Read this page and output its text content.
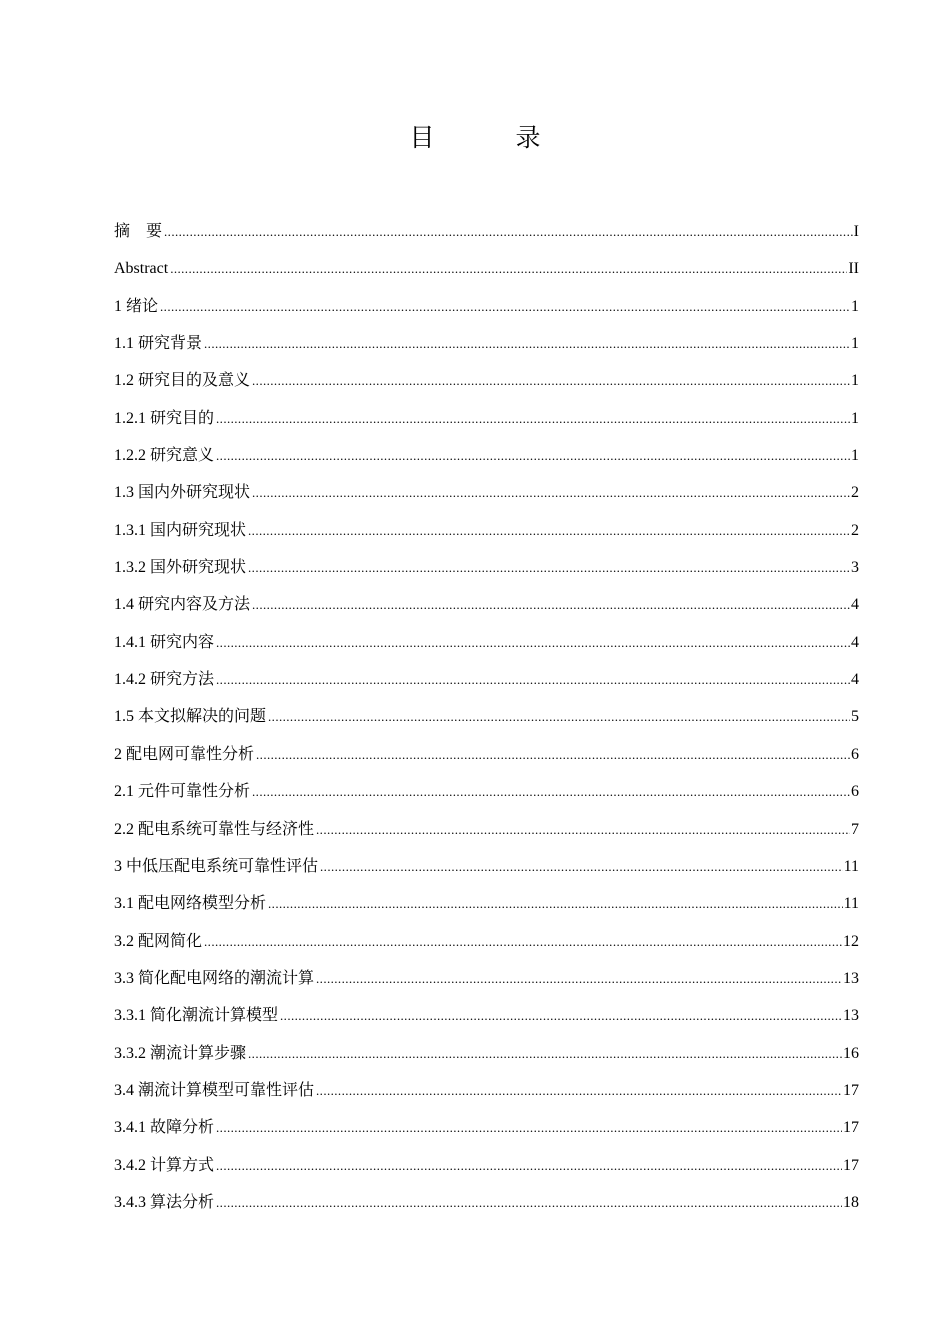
目　录
摘　要 .....	I
Abstract .....	II
1 绪论 .....	1
1.1 研究背景 .....	1
1.2 研究目的及意义 .....	1
1.2.1 研究目的 .....	1
1.2.2 研究意义 .....	1
1.3 国内外研究现状 .....	2
1.3.1 国内研究现状 .....	2
1.3.2 国外研究现状 .....	3
1.4 研究内容及方法 .....	4
1.4.1 研究内容 .....	4
1.4.2 研究方法 .....	4
1.5 本文拟解决的问题 .....	5
2 配电网可靠性分析 .....	6
2.1 元件可靠性分析 .....	6
2.2 配电系统可靠性与经济性 .....	7
3 中低压配电系统可靠性评估 .....	11
3.1 配电网络模型分析 .....	11
3.2 配网简化 .....	12
3.3 简化配电网络的潮流计算 .....	13
3.3.1 简化潮流计算模型 .....	13
3.3.2 潮流计算步骤 .....	16
3.4 潮流计算模型可靠性评估 .....	17
3.4.1 故障分析 .....	17
3.4.2 计算方式 .....	17
3.4.3 算法分析 .....	18
